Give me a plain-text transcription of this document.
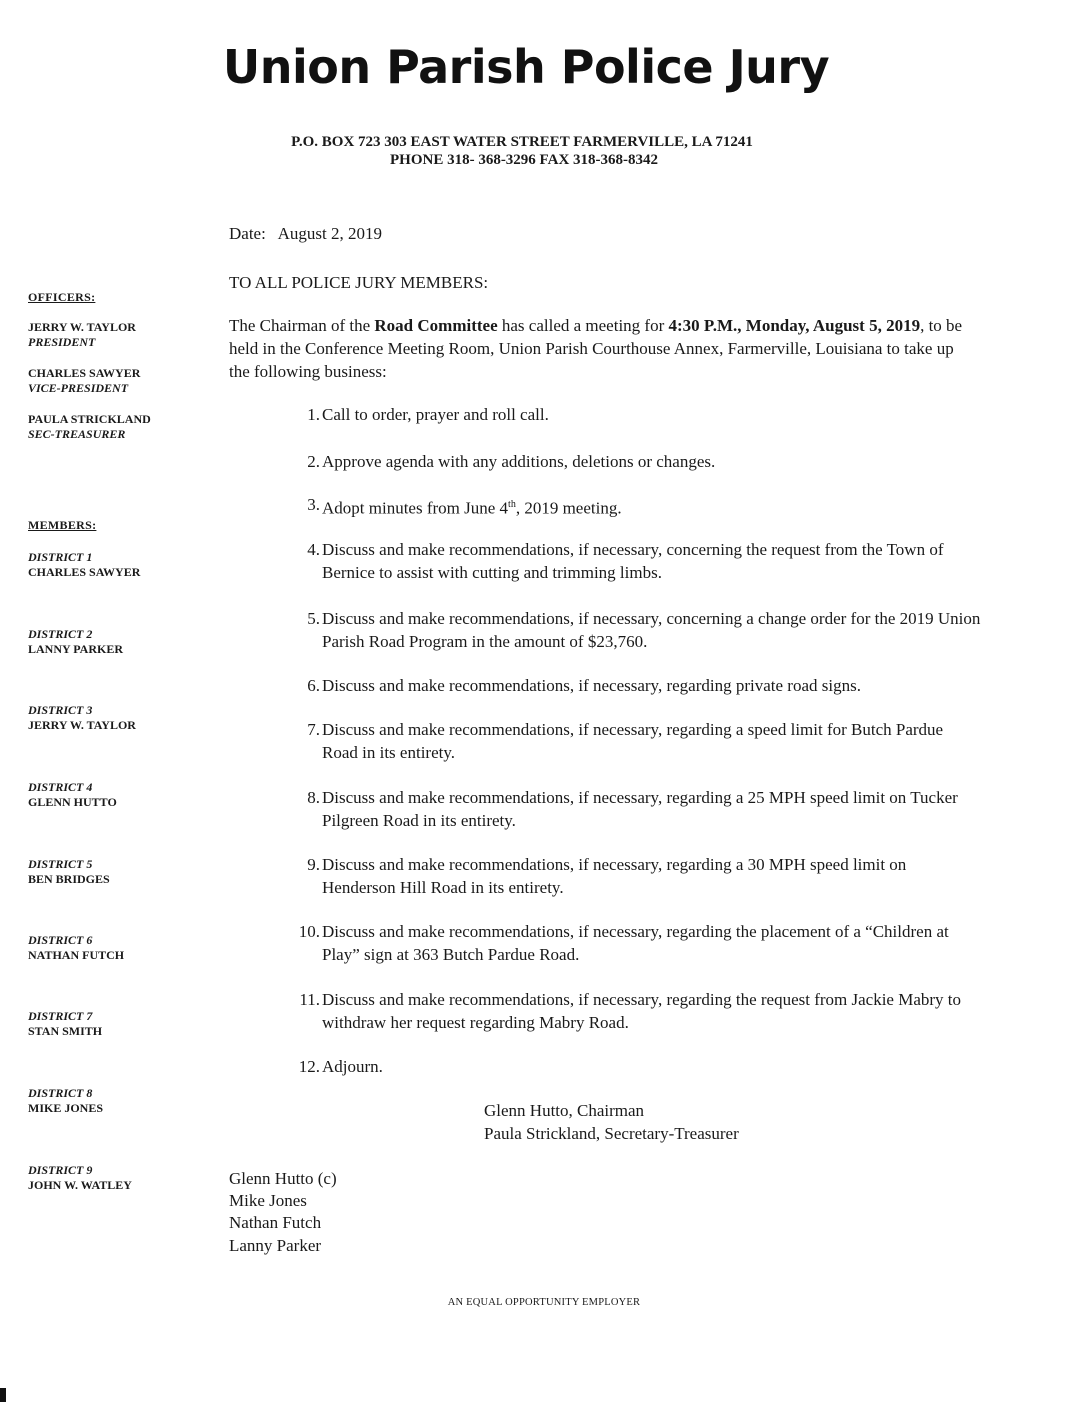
Union Parish Police Jury
P.O. BOX 723 303 EAST WATER STREET FARMERVILLE, LA 71241
PHONE 318- 368-3296 FAX 318-368-8342
Date: August 2, 2019
TO ALL POLICE JURY MEMBERS:
The Chairman of the Road Committee has called a meeting for 4:30 P.M., Monday, August 5, 2019, to be held in the Conference Meeting Room, Union Parish Courthouse Annex, Farmerville, Louisiana to take up the following business:
1. Call to order, prayer and roll call.
2. Approve agenda with any additions, deletions or changes.
3. Adopt minutes from June 4th, 2019 meeting.
4. Discuss and make recommendations, if necessary, concerning the request from the Town of Bernice to assist with cutting and trimming limbs.
5. Discuss and make recommendations, if necessary, concerning a change order for the 2019 Union Parish Road Program in the amount of $23,760.
6. Discuss and make recommendations, if necessary, regarding private road signs.
7. Discuss and make recommendations, if necessary, regarding a speed limit for Butch Pardue Road in its entirety.
8. Discuss and make recommendations, if necessary, regarding a 25 MPH speed limit on Tucker Pilgreen Road in its entirety.
9. Discuss and make recommendations, if necessary, regarding a 30 MPH speed limit on Henderson Hill Road in its entirety.
10. Discuss and make recommendations, if necessary, regarding the placement of a “Children at Play” sign at 363 Butch Pardue Road.
11. Discuss and make recommendations, if necessary, regarding the request from Jackie Mabry to withdraw her request regarding Mabry Road.
12. Adjourn.
Glenn Hutto, Chairman
Paula Strickland, Secretary-Treasurer
Glenn Hutto (c)
Mike Jones
Nathan Futch
Lanny Parker
OFFICERS:
JERRY W. TAYLOR
PRESIDENT
CHARLES SAWYER
VICE-PRESIDENT
PAULA STRICKLAND
SEC-TREASURER
MEMBERS:
DISTRICT 1
CHARLES SAWYER
DISTRICT 2
LANNY PARKER
DISTRICT 3
JERRY W. TAYLOR
DISTRICT 4
GLENN HUTTO
DISTRICT 5
BEN BRIDGES
DISTRICT 6
NATHAN FUTCH
DISTRICT 7
STAN SMITH
DISTRICT 8
MIKE JONES
DISTRICT 9
JOHN W. WATLEY
AN EQUAL OPPORTUNITY EMPLOYER
